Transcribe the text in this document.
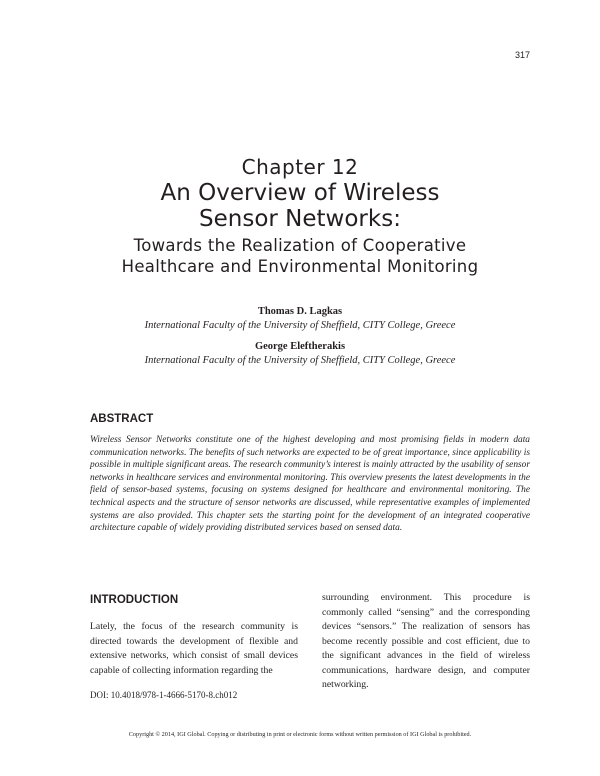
317
Chapter 12
An Overview of Wireless
Sensor Networks:
Towards the Realization of Cooperative
Healthcare and Environmental Monitoring
Thomas D. Lagkas
International Faculty of the University of Sheffield, CITY College, Greece
George Eleftherakis
International Faculty of the University of Sheffield, CITY College, Greece
ABSTRACT
Wireless Sensor Networks constitute one of the highest developing and most promising fields in modern data communication networks. The benefits of such networks are expected to be of great importance, since applicability is possible in multiple significant areas. The research community’s interest is mainly attracted by the usability of sensor networks in healthcare services and environmental monitoring. This overview presents the latest developments in the field of sensor-based systems, focusing on systems designed for healthcare and environmental monitoring. The technical aspects and the structure of sensor networks are discussed, while representative examples of implemented systems are also provided. This chapter sets the starting point for the development of an integrated cooperative architecture capable of widely providing distributed services based on sensed data.
INTRODUCTION
Lately, the focus of the research community is directed towards the development of flexible and extensive networks, which consist of small devices capable of collecting information regarding the
surrounding environment. This procedure is commonly called “sensing” and the corresponding devices “sensors.” The realization of sensors has become recently possible and cost efficient, due to the significant advances in the field of wireless communications, hardware design, and computer networking.
DOI: 10.4018/978-1-4666-5170-8.ch012
Copyright © 2014, IGI Global. Copying or distributing in print or electronic forms without written permission of IGI Global is prohibited.
